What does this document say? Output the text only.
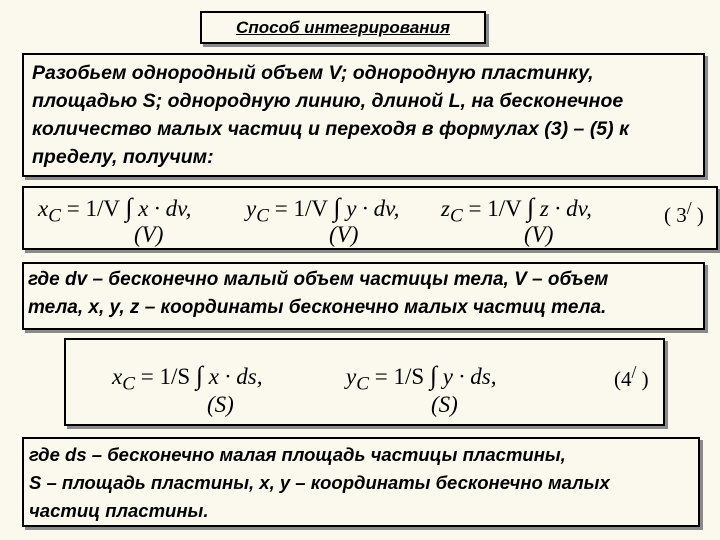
Способ интегрирования

Разобьем однородный объем V; однородную пластинку,
площадью S; однородную линию, длиной L, на бесконечное
количество малых частиц и переходя в формулах (3) – (5) к
пределу, получим:

$x_C = 1/V$ ∫ x · dv,
(V)
$y_C = 1/V$ ∫ y · dv,
(V)
$z_C = 1/V$ ∫ z · dv,
(V)
( 3/ )

где dv – бесконечно малый объем частицы тела, V – объем
тела, x, y, z – координаты бесконечно малых частиц тела.

$x_C = 1/S$ ∫ x · ds,
(S)
$y_C = 1/S$ ∫ y · ds,
(S)
(4/ )

где ds – бесконечно малая площадь частицы пластины,
S – площадь пластины, x, y – координаты бесконечно малых
частиц пластины.
